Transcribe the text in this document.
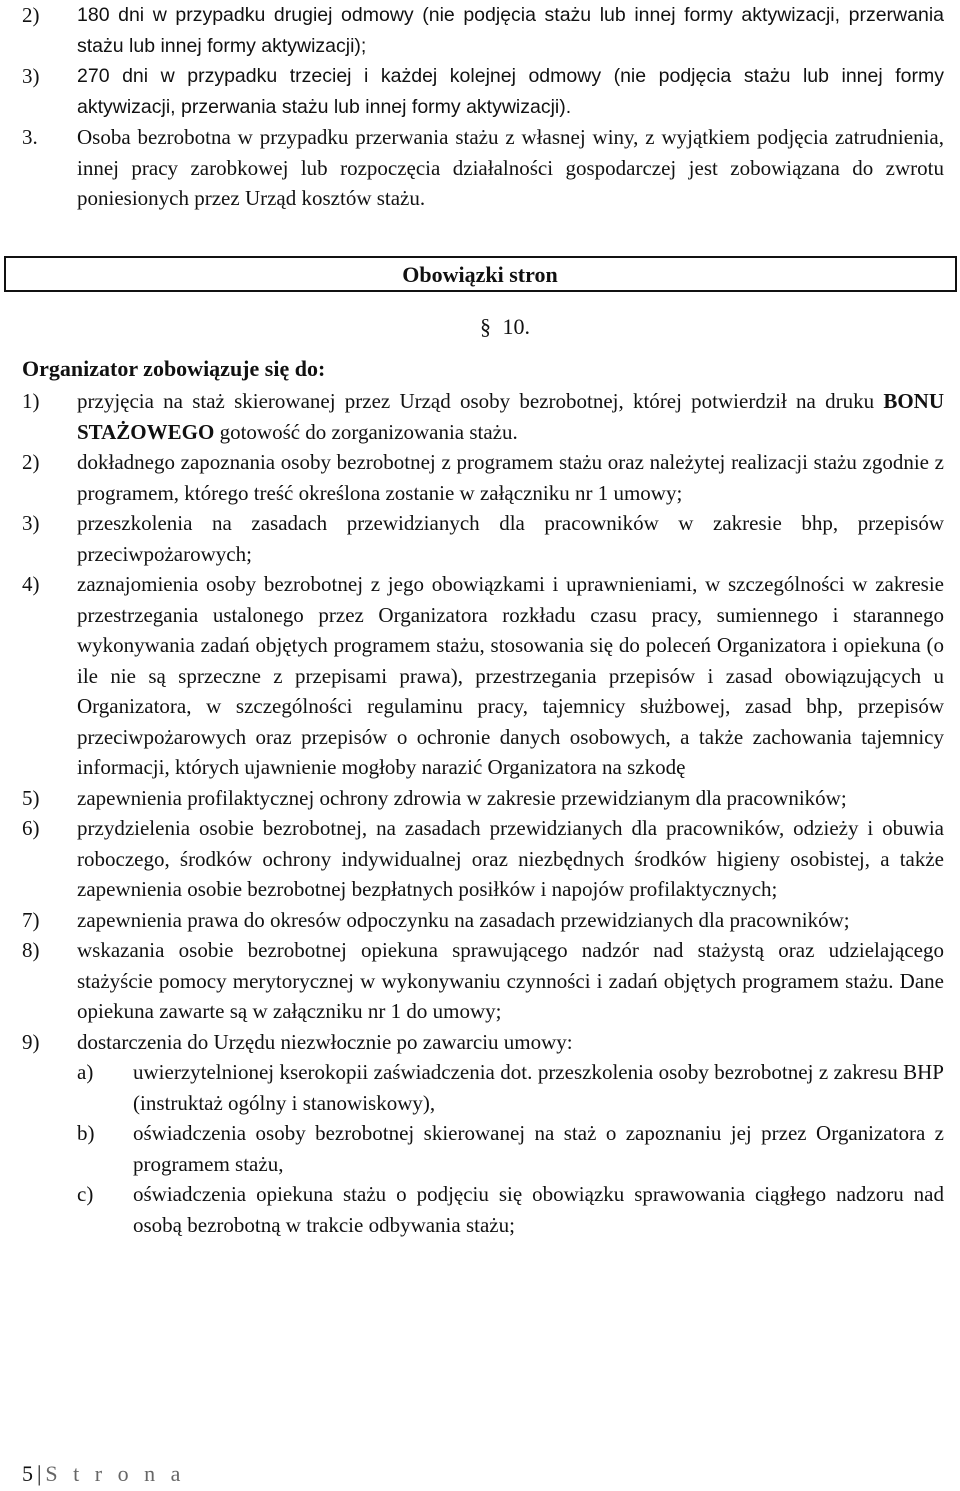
2)	180 dni w przypadku drugiej odmowy (nie podjęcia stażu lub innej formy aktywizacji, przerwania stażu lub innej formy aktywizacji);
3)	270 dni w przypadku trzeciej i każdej kolejnej odmowy (nie podjęcia stażu lub innej formy aktywizacji, przerwania stażu lub innej formy aktywizacji).
3.	Osoba bezrobotna w przypadku przerwania stażu z własnej winy, z wyjątkiem podjęcia zatrudnienia, innej pracy zarobkowej lub rozpoczęcia działalności gospodarczej jest zobowiązana do zwrotu poniesionych przez Urząd kosztów stażu.
Obowiązki stron
§ 10.
Organizator zobowiązuje się do:
1)	przyjęcia na staż skierowanej przez Urząd osoby bezrobotnej, której potwierdził na druku BONU STAŻOWEGO gotowość do zorganizowania stażu.
2)	dokładnego zapoznania osoby bezrobotnej z programem stażu oraz należytej realizacji stażu zgodnie z programem, którego treść określona zostanie w załączniku nr 1 umowy;
3)	przeszkolenia na zasadach przewidzianych dla pracowników w zakresie bhp, przepisów przeciwpożarowych;
4)	zaznajomienia osoby bezrobotnej z jego obowiązkami i uprawnieniami, w szczególności w zakresie przestrzegania ustalonego przez Organizatora rozkładu czasu pracy, sumiennego i starannego wykonywania zadań objętych programem stażu, stosowania się do poleceń Organizatora i opiekuna (o ile nie są sprzeczne z przepisami prawa), przestrzegania przepisów i zasad obowiązujących u Organizatora, w szczególności regulaminu pracy, tajemnicy służbowej, zasad bhp, przepisów przeciwpożarowych oraz przepisów o ochronie danych osobowych, a także zachowania tajemnicy informacji, których ujawnienie mogłoby narazić Organizatora na szkodę
5)	zapewnienia profilaktycznej ochrony zdrowia w zakresie przewidzianym dla pracowników;
6)	przydzielenia osobie bezrobotnej, na zasadach przewidzianych dla pracowników, odzieży i obuwia roboczego, środków ochrony indywidualnej oraz niezbędnych środków higieny osobistej, a także zapewnienia osobie bezrobotnej bezpłatnych posiłków i napojów profilaktycznych;
7)	zapewnienia prawa do okresów odpoczynku na zasadach przewidzianych dla pracowników;
8)	wskazania osobie bezrobotnej opiekuna sprawującego nadzór nad stażystą oraz udzielającego stażyście pomocy merytorycznej w wykonywaniu czynności i zadań objętych programem stażu. Dane opiekuna zawarte są w załączniku nr 1 do umowy;
9)	dostarczenia do Urzędu niezwłocznie po zawarciu umowy:
a)	uwierzytelnionej kserokopii zaświadczenia dot. przeszkolenia osoby bezrobotnej z zakresu BHP (instruktaż ogólny i stanowiskowy),
b)	oświadczenia osoby bezrobotnej skierowanej na staż o zapoznaniu jej przez Organizatora z programem stażu,
c)	oświadczenia opiekuna stażu o podjęciu się obowiązku sprawowania ciągłego nadzoru nad osobą bezrobotną w trakcie odbywania stażu;
5 | S t r o n a
